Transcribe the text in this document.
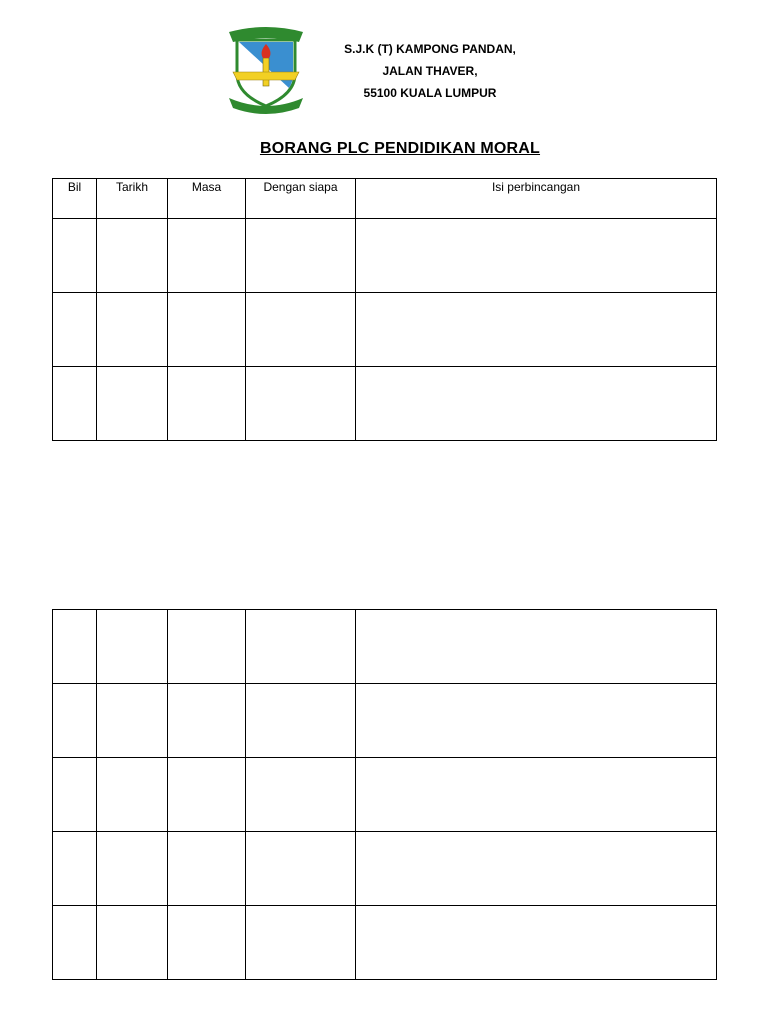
S.J.K (T) KAMPONG PANDAN,
JALAN THAVER,
55100 KUALA LUMPUR
BORANG PLC PENDIDIKAN MORAL
Bil	Tarikh	Masa	Dengan siapa	Isi perbincangan
